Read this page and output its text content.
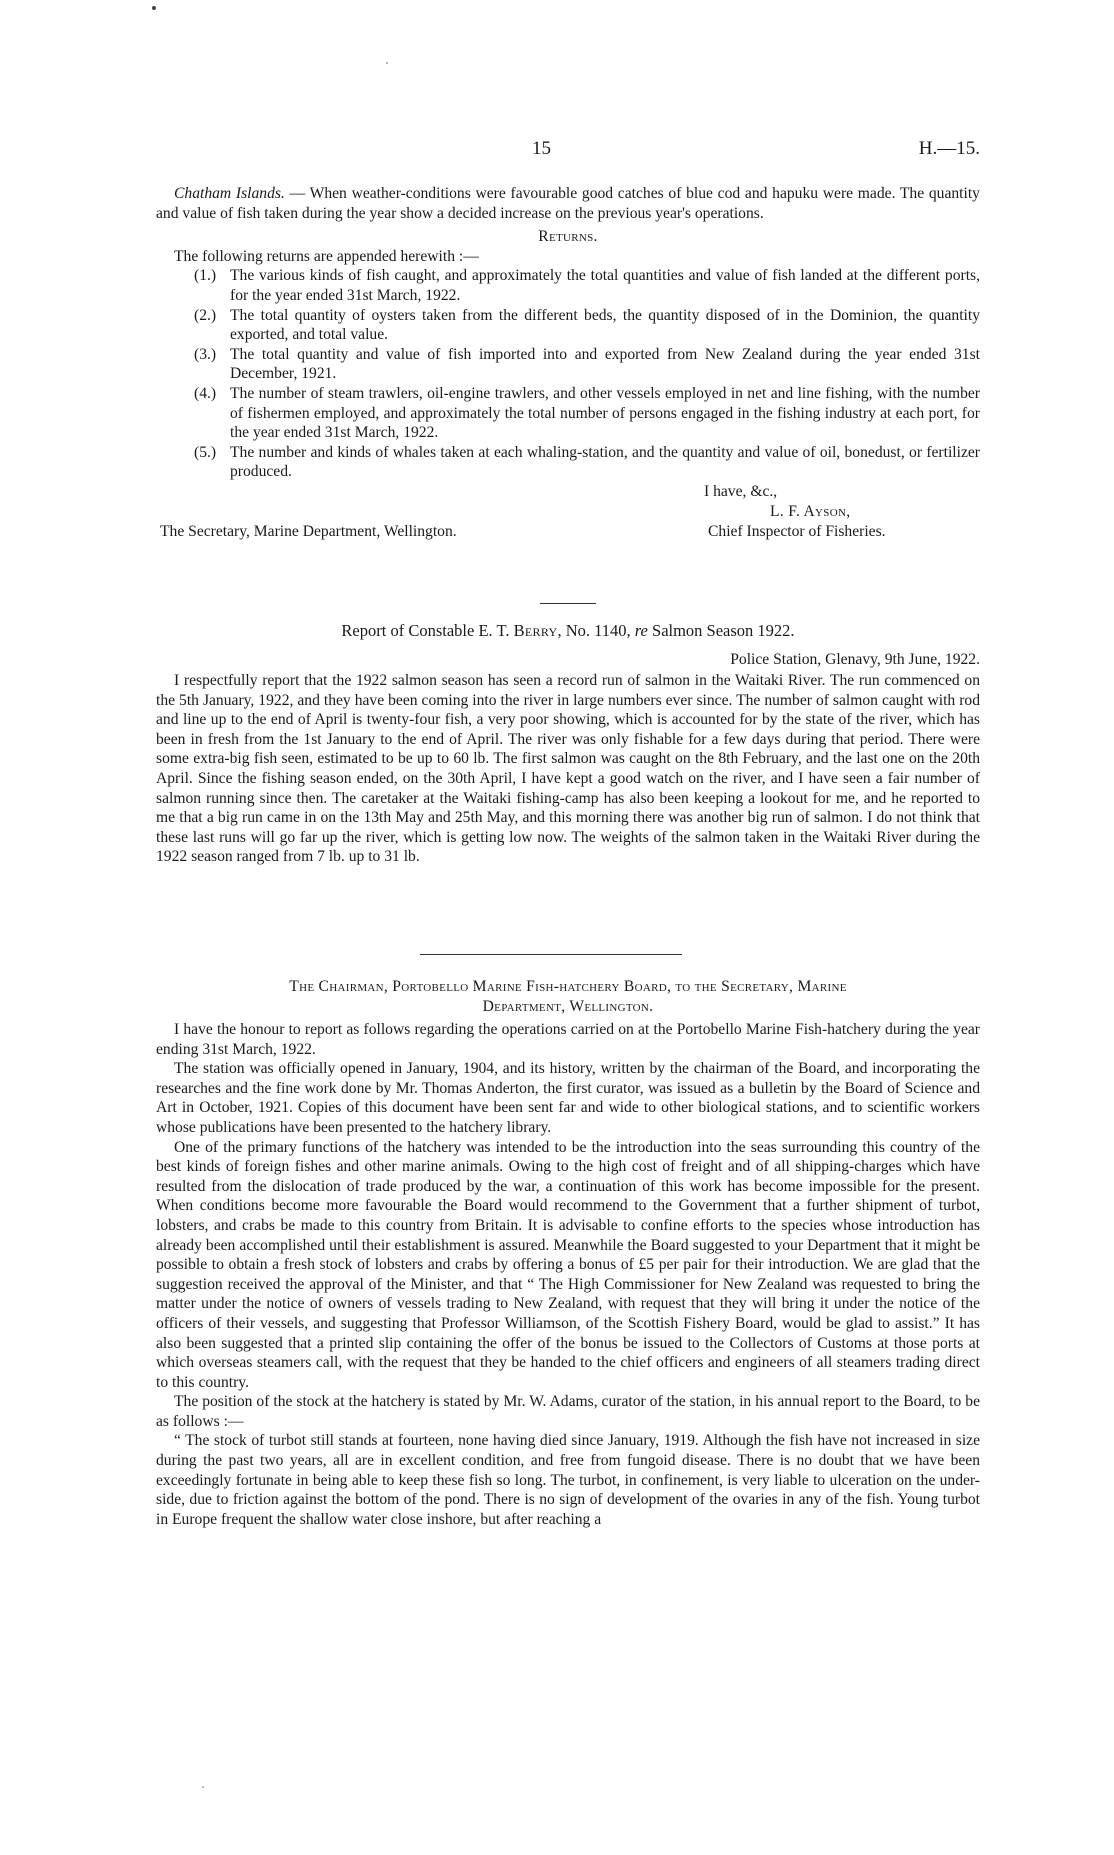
15	H.—15.

Chatham Islands. — When weather-conditions were favourable good catches of blue cod and hapuku were made. The quantity and value of fish taken during the year show a decided increase on the previous year's operations.

Returns.

The following returns are appended herewith :—

(1.) The various kinds of fish caught, and approximately the total quantities and value of fish landed at the different ports, for the year ended 31st March, 1922.
(2.) The total quantity of oysters taken from the different beds, the quantity disposed of in the Dominion, the quantity exported, and total value.
(3.) The total quantity and value of fish imported into and exported from New Zealand during the year ended 31st December, 1921.
(4.) The number of steam trawlers, oil-engine trawlers, and other vessels employed in net and line fishing, with the number of fishermen employed, and approximately the total number of persons engaged in the fishing industry at each port, for the year ended 31st March, 1922.
(5.) The number and kinds of whales taken at each whaling-station, and the quantity and value of oil, bonedust, or fertilizer produced.
I have, &c.,
L. F. Ayson,
The Secretary, Marine Department, Wellington.	Chief Inspector of Fisheries.
Report of Constable E. T. Berry, No. 1140, re Salmon Season 1922.
Police Station, Glenavy, 9th June, 1922.

I respectfully report that the 1922 salmon season has seen a record run of salmon in the Waitaki River. The run commenced on the 5th January, 1922, and they have been coming into the river in large numbers ever since. The number of salmon caught with rod and line up to the end of April is twenty-four fish, a very poor showing, which is accounted for by the state of the river, which has been in fresh from the 1st January to the end of April. The river was only fishable for a few days during that period. There were some extra-big fish seen, estimated to be up to 60 lb. The first salmon was caught on the 8th February, and the last one on the 20th April. Since the fishing season ended, on the 30th April, I have kept a good watch on the river, and I have seen a fair number of salmon running since then. The caretaker at the Waitaki fishing-camp has also been keeping a lookout for me, and he reported to me that a big run came in on the 13th May and 25th May, and this morning there was another big run of salmon. I do not think that these last runs will go far up the river, which is getting low now. The weights of the salmon taken in the Waitaki River during the 1922 season ranged from 7 lb. up to 31 lb.

The Chairman, Portobello Marine Fish-hatchery Board, to the Secretary, Marine
Department, Wellington.

I have the honour to report as follows regarding the operations carried on at the Portobello Marine Fish-hatchery during the year ending 31st March, 1922.

The station was officially opened in January, 1904, and its history, written by the chairman of the Board, and incorporating the researches and the fine work done by Mr. Thomas Anderton, the first curator, was issued as a bulletin by the Board of Science and Art in October, 1921. Copies of this document have been sent far and wide to other biological stations, and to scientific workers whose publications have been presented to the hatchery library.

One of the primary functions of the hatchery was intended to be the introduction into the seas surrounding this country of the best kinds of foreign fishes and other marine animals. Owing to the high cost of freight and of all shipping-charges which have resulted from the dislocation of trade produced by the war, a continuation of this work has become impossible for the present. When conditions become more favourable the Board would recommend to the Government that a further shipment of turbot, lobsters, and crabs be made to this country from Britain. It is advisable to confine efforts to the species whose introduction has already been accomplished until their establishment is assured. Meanwhile the Board suggested to your Department that it might be possible to obtain a fresh stock of lobsters and crabs by offering a bonus of £5 per pair for their introduction. We are glad that the suggestion received the approval of the Minister, and that “ The High Commissioner for New Zealand was requested to bring the matter under the notice of owners of vessels trading to New Zealand, with request that they will bring it under the notice of the officers of their vessels, and suggesting that Professor Williamson, of the Scottish Fishery Board, would be glad to assist.” It has also been suggested that a printed slip containing the offer of the bonus be issued to the Collectors of Customs at those ports at which overseas steamers call, with the request that they be handed to the chief officers and engineers of all steamers trading direct to this country.

The position of the stock at the hatchery is stated by Mr. W. Adams, curator of the station, in his annual report to the Board, to be as follows :—

“ The stock of turbot still stands at fourteen, none having died since January, 1919. Although the fish have not increased in size during the past two years, all are in excellent condition, and free from fungoid disease. There is no doubt that we have been exceedingly fortunate in being able to keep these fish so long. The turbot, in confinement, is very liable to ulceration on the under-side, due to friction against the bottom of the pond. There is no sign of development of the ovaries in any of the fish. Young turbot in Europe frequent the shallow water close inshore, but after reaching a
